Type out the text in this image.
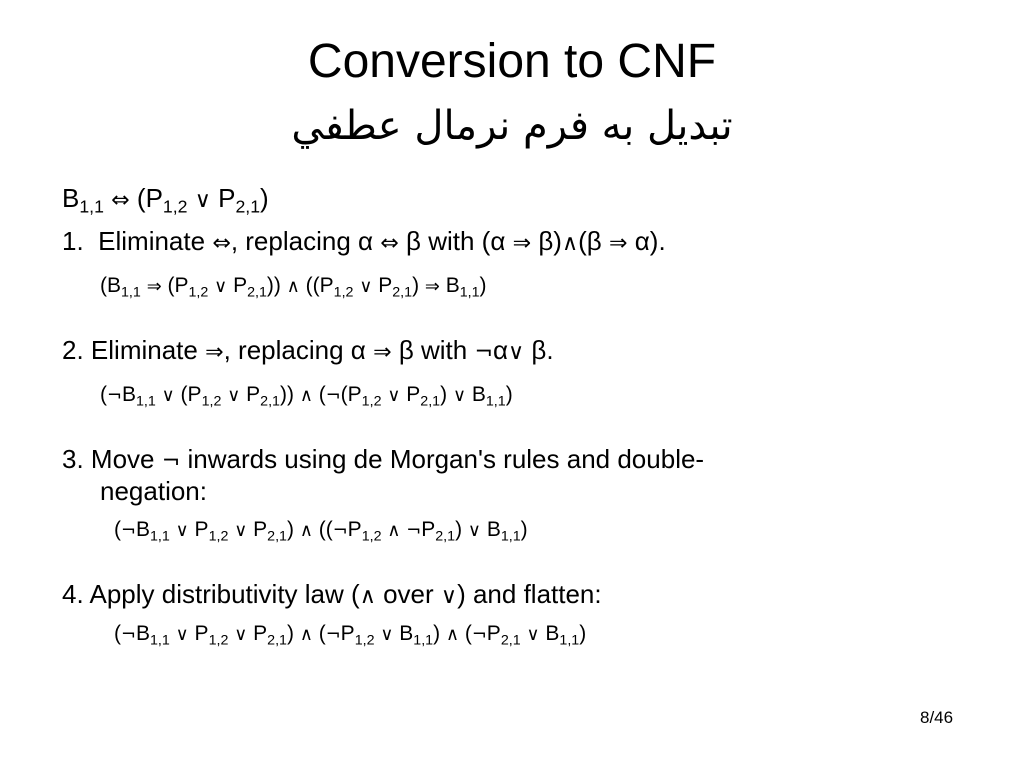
Conversion to CNF
تبديل به فرم نرمال عطفي
$B_{1,1}$ ⇔ ($P_{1,2}$ ∨ $P_{2,1}$)
1. Eliminate ⇔, replacing α ⇔ β with (α ⇒ β)∧(β ⇒ α).
($B_{1,1}$ ⇒ ($P_{1,2}$ ∨ $P_{2,1}$)) ∧ (($P_{1,2}$ ∨ $P_{2,1}$) ⇒ $B_{1,1}$)
2. Eliminate ⇒, replacing α ⇒ β with ¬α∨ β.
($\neg B_{1,1}$ ∨ ($P_{1,2}$ ∨ $P_{2,1}$)) ∧ ($\neg(P_{1,2}$ ∨ $P_{2,1}$) ∨ $B_{1,1}$)
3. Move ¬ inwards using de Morgan's rules and double-
negation:
($\neg B_{1,1}$ ∨ $P_{1,2}$ ∨ $P_{2,1}$) ∧ (($\neg P_{1,2}$ ∧ $\neg P_{2,1}$) ∨ $B_{1,1}$)
4. Apply distributivity law (∧ over ∨) and flatten:
($\neg B_{1,1}$ ∨ $P_{1,2}$ ∨ $P_{2,1}$) ∧ ($\neg P_{1,2}$ ∨ $B_{1,1}$) ∧ ($\neg P_{2,1}$ ∨ $B_{1,1}$)
8/46
